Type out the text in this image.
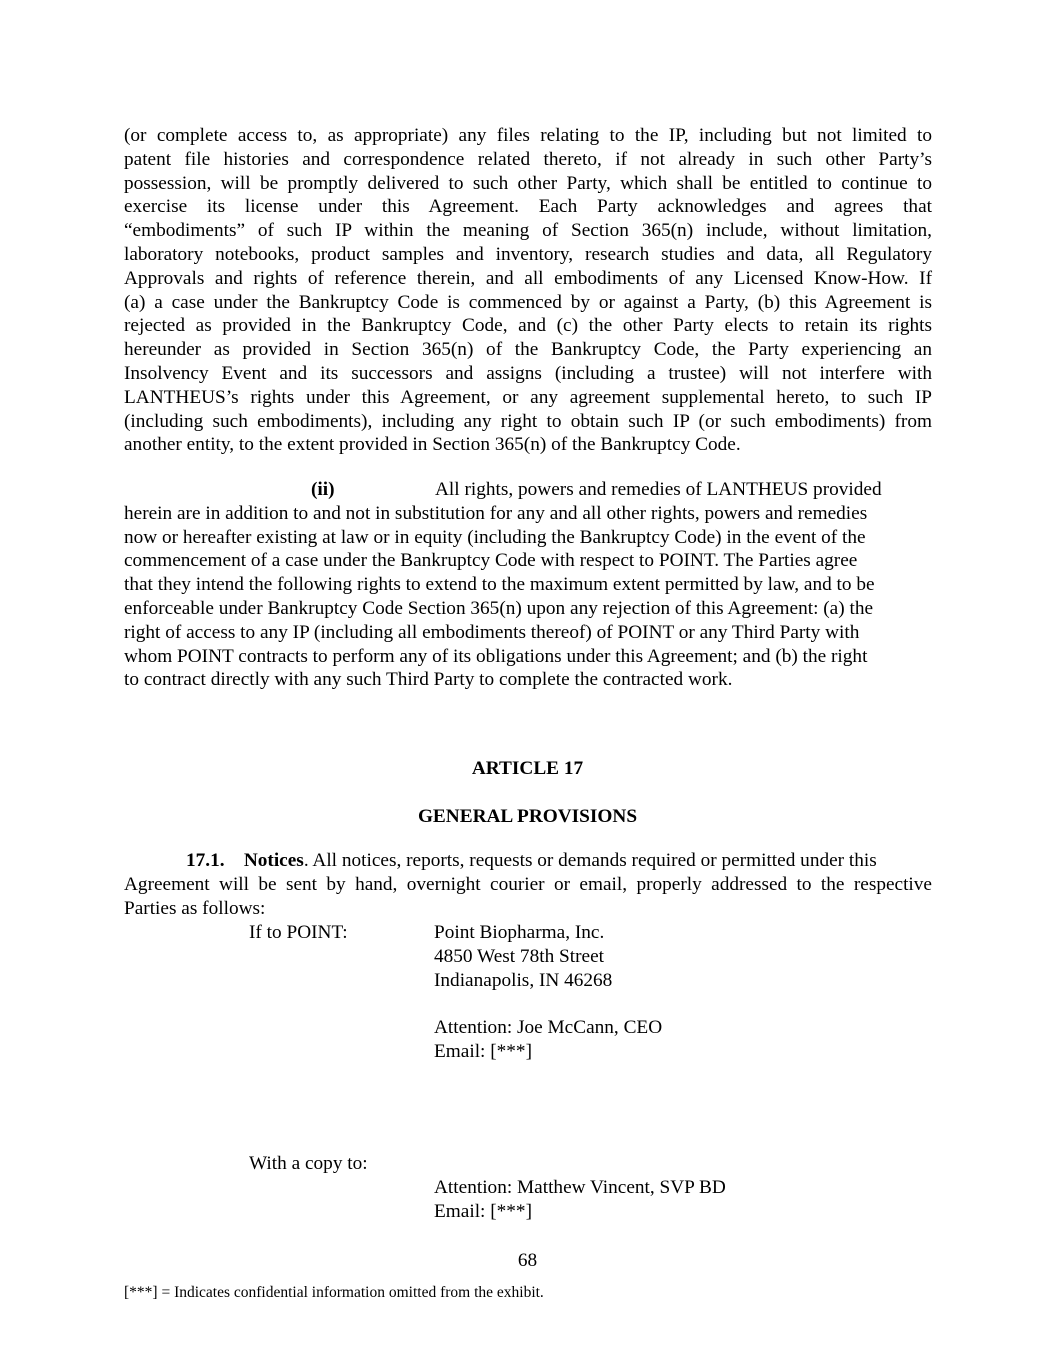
(or complete access to, as appropriate) any files relating to the IP, including but not limited to
patent file histories and correspondence related thereto, if not already in such other Party’s
possession, will be promptly delivered to such other Party, which shall be entitled to continue to
exercise its license under this Agreement. Each Party acknowledges and agrees that
“embodiments” of such IP within the meaning of Section 365(n) include, without limitation,
laboratory notebooks, product samples and inventory, research studies and data, all Regulatory
Approvals and rights of reference therein, and all embodiments of any Licensed Know-How. If
(a) a case under the Bankruptcy Code is commenced by or against a Party, (b) this Agreement is
rejected as provided in the Bankruptcy Code, and (c) the other Party elects to retain its rights
hereunder as provided in Section 365(n) of the Bankruptcy Code, the Party experiencing an
Insolvency Event and its successors and assigns (including a trustee) will not interfere with
LANTHEUS’s rights under this Agreement, or any agreement supplemental hereto, to such IP
(including such embodiments), including any right to obtain such IP (or such embodiments) from
another entity, to the extent provided in Section 365(n) of the Bankruptcy Code.
(ii)	All rights, powers and remedies of LANTHEUS provided
herein are in addition to and not in substitution for any and all other rights, powers and remedies
now or hereafter existing at law or in equity (including the Bankruptcy Code) in the event of the
commencement of a case under the Bankruptcy Code with respect to POINT. The Parties agree
that they intend the following rights to extend to the maximum extent permitted by law, and to be
enforceable under Bankruptcy Code Section 365(n) upon any rejection of this Agreement: (a) the
right of access to any IP (including all embodiments thereof) of POINT or any Third Party with
whom POINT contracts to perform any of its obligations under this Agreement; and (b) the right
to contract directly with any such Third Party to complete the contracted work.
ARTICLE 17
GENERAL PROVISIONS
17.1. Notices. All notices, reports, requests or demands required or permitted under this
Agreement will be sent by hand, overnight courier or email, properly addressed to the respective
Parties as follows:
If to POINT:	Point Biopharma, Inc.
4850 West 78th Street
Indianapolis, IN 46268
Attention: Joe McCann, CEO
Email: [***]
With a copy to:
Attention: Matthew Vincent, SVP BD
Email: [***]
68
[***] = Indicates confidential information omitted from the exhibit.
